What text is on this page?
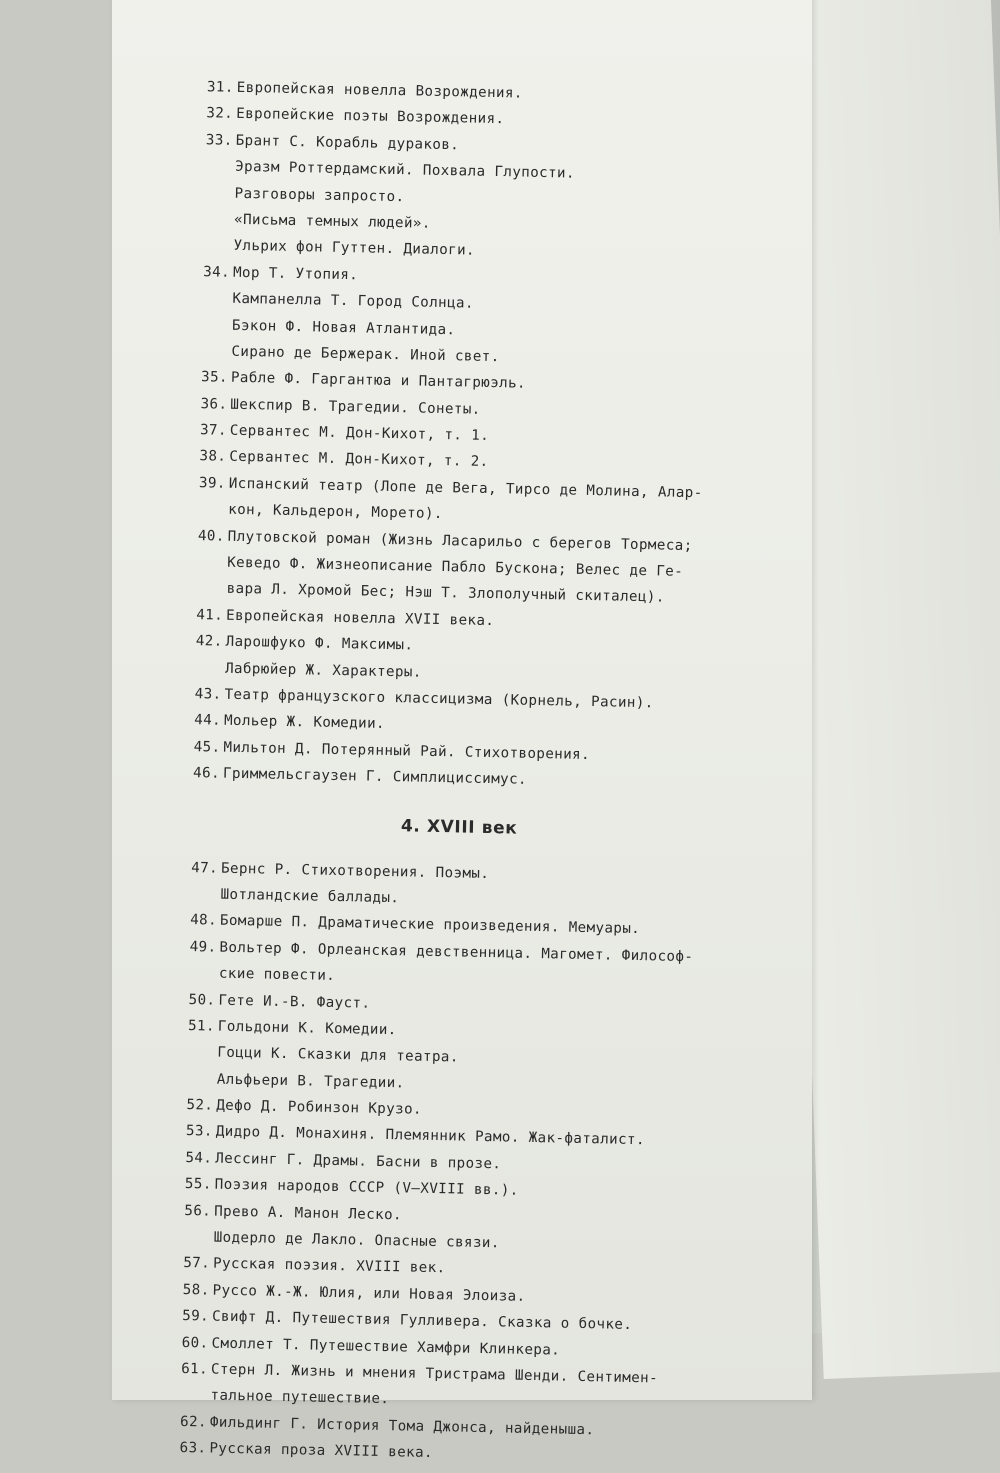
31. Европейская новелла Возрождения.
32. Европейские поэты Возрождения.
33. Брант С. Корабль дураков.
Эразм Роттердамский. Похвала Глупости.
Разговоры запросто.
«Письма темных людей».
Ульрих фон Гуттен. Диалоги.
34. Мор Т. Утопия.
Кампанелла Т. Город Солнца.
Бэкон Ф. Новая Атлантида.
Сирано де Бержерак. Иной свет.
35. Рабле Ф. Гаргантюа и Пантагрюэль.
36. Шекспир В. Трагедии. Сонеты.
37. Сервантес М. Дон-Кихот, т. 1.
38. Сервантес М. Дон-Кихот, т. 2.
39. Испанский театр (Лопе де Вега, Тирсо де Молина, Алар-
кон, Кальдерон, Морето).
40. Плутовской роман (Жизнь Ласарильо с берегов Тормеса;
Кеведо Ф. Жизнеописание Пабло Бускона; Велес де Ге-
вара Л. Хромой Бес; Нэш Т. Злополучный скиталец).
41. Европейская новелла XVII века.
42. Ларошфуко Ф. Максимы.
Лабрюйер Ж. Характеры.
43. Театр французского классицизма (Корнель, Расин).
44. Мольер Ж. Комедии.
45. Мильтон Д. Потерянный Рай. Стихотворения.
46. Гриммельсгаузен Г. Симплициссимус.
4. XVIII век
47. Бернс Р. Стихотворения. Поэмы.
Шотландские баллады.
48. Бомарше П. Драматические произведения. Мемуары.
49. Вольтер Ф. Орлеанская девственница. Магомет. Философ-
ские повести.
50. Гете И.-В. Фауст.
51. Гольдони К. Комедии.
Гоцци К. Сказки для театра.
Альфьери В. Трагедии.
52. Дефо Д. Робинзон Крузо.
53. Дидро Д. Монахиня. Племянник Рамо. Жак-фаталист.
54. Лессинг Г. Драмы. Басни в прозе.
55. Поэзия народов СССР (V—XVIII вв.).
56. Прево А. Манон Леско.
Шодерло де Лакло. Опасные связи.
57. Русская поэзия. XVIII век.
58. Руссо Ж.-Ж. Юлия, или Новая Элоиза.
59. Свифт Д. Путешествия Гулливера. Сказка о бочке.
60. Смоллет Т. Путешествие Хамфри Клинкера.
61. Стерн Л. Жизнь и мнения Тристрама Шенди. Сентимен-
тальное путешествие.
62. Фильдинг Г. История Тома Джонса, найденыша.
63. Русская проза XVIII века.
